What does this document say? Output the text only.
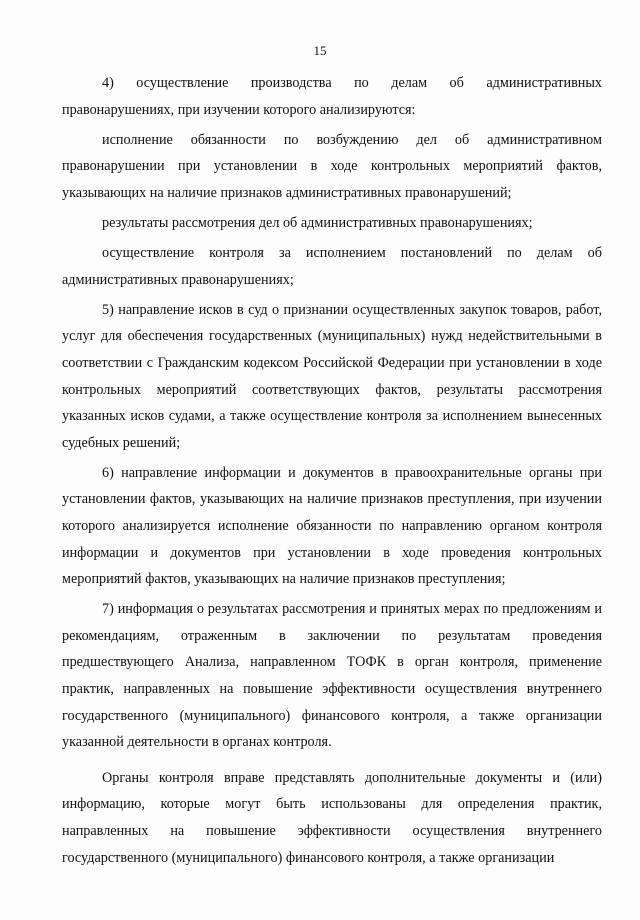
15

4) осуществление производства по делам об административных правонарушениях, при изучении которого анализируются:

исполнение обязанности по возбуждению дел об административном правонарушении при установлении в ходе контрольных мероприятий фактов, указывающих на наличие признаков административных правонарушений;

результаты рассмотрения дел об административных правонарушениях;

осуществление контроля за исполнением постановлений по делам об административных правонарушениях;

5) направление исков в суд о признании осуществленных закупок товаров, работ, услуг для обеспечения государственных (муниципальных) нужд недействительными в соответствии с Гражданским кодексом Российской Федерации при установлении в ходе контрольных мероприятий соответствующих фактов, результаты рассмотрения указанных исков судами, а также осуществление контроля за исполнением вынесенных судебных решений;

6) направление информации и документов в правоохранительные органы при установлении фактов, указывающих на наличие признаков преступления, при изучении которого анализируется исполнение обязанности по направлению органом контроля информации и документов при установлении в ходе проведения контрольных мероприятий фактов, указывающих на наличие признаков преступления;

7) информация о результатах рассмотрения и принятых мерах по предложениям и рекомендациям, отраженным в заключении по результатам проведения предшествующего Анализа, направленном ТОФК в орган контроля, применение практик, направленных на повышение эффективности осуществления внутреннего государственного (муниципального) финансового контроля, а также организации указанной деятельности в органах контроля.

Органы контроля вправе представлять дополнительные документы и (или) информацию, которые могут быть использованы для определения практик, направленных на повышение эффективности осуществления внутреннего государственного (муниципального) финансового контроля, а также организации
